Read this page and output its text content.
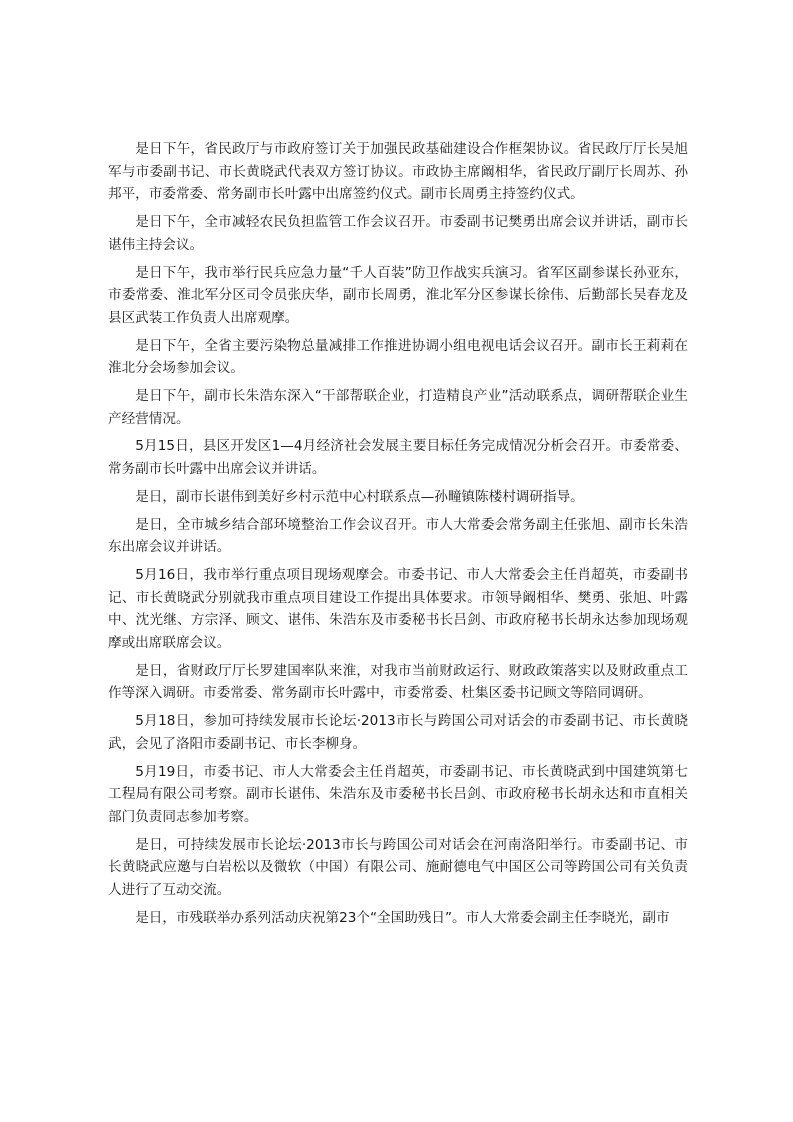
是日下午，省民政厅与市政府签订关于加强民政基础建设合作框架协议。省民政厅厅长吴旭军与市委副书记、市长黄晓武代表双方签订协议。市政协主席阚相华，省民政厅副厅长周苏、孙邦平，市委常委、常务副市长叶露中出席签约仪式。副市长周勇主持签约仪式。

是日下午，全市减轻农民负担监管工作会议召开。市委副书记樊勇出席会议并讲话，副市长谌伟主持会议。

是日下午，我市举行民兵应急力量“千人百装”防卫作战实兵演习。省军区副参谋长孙亚东，市委常委、淮北军分区司令员张庆华，副市长周勇，淮北军分区参谋长徐伟、后勤部长吴春龙及县区武装工作负责人出席观摩。

是日下午，全省主要污染物总量减排工作推进协调小组电视电话会议召开。副市长王莉莉在淮北分会场参加会议。

是日下午，副市长朱浩东深入“干部帮联企业，打造精良产业”活动联系点，调研帮联企业生产经营情况。

5月15日，县区开发区1—4月经济社会发展主要目标任务完成情况分析会召开。市委常委、常务副市长叶露中出席会议并讲话。

是日，副市长谌伟到美好乡村示范中心村联系点—孙疃镇陈楼村调研指导。

是日，全市城乡结合部环境整治工作会议召开。市人大常委会常务副主任张旭、副市长朱浩东出席会议并讲话。

5月16日，我市举行重点项目现场观摩会。市委书记、市人大常委会主任肖超英，市委副书记、市长黄晓武分别就我市重点项目建设工作提出具体要求。市领导阚相华、樊勇、张旭、叶露中、沈光继、方宗泽、顾文、谌伟、朱浩东及市委秘书长吕剑、市政府秘书长胡永达参加现场观摩或出席联席会议。

是日，省财政厅厅长罗建国率队来淮，对我市当前财政运行、财政政策落实以及财政重点工作等深入调研。市委常委、常务副市长叶露中，市委常委、杜集区委书记顾文等陪同调研。

5月18日，参加可持续发展市长论坛·2013市长与跨国公司对话会的市委副书记、市长黄晓武，会见了洛阳市委副书记、市长李柳身。

5月19日，市委书记、市人大常委会主任肖超英，市委副书记、市长黄晓武到中国建筑第七工程局有限公司考察。副市长谌伟、朱浩东及市委秘书长吕剑、市政府秘书长胡永达和市直相关部门负责同志参加考察。

是日，可持续发展市长论坛·2013市长与跨国公司对话会在河南洛阳举行。市委副书记、市长黄晓武应邀与白岩松以及微软（中国）有限公司、施耐德电气中国区公司等跨国公司有关负责人进行了互动交流。

是日，市残联举办系列活动庆祝第23个“全国助残日”。市人大常委会副主任李晓光，副市
